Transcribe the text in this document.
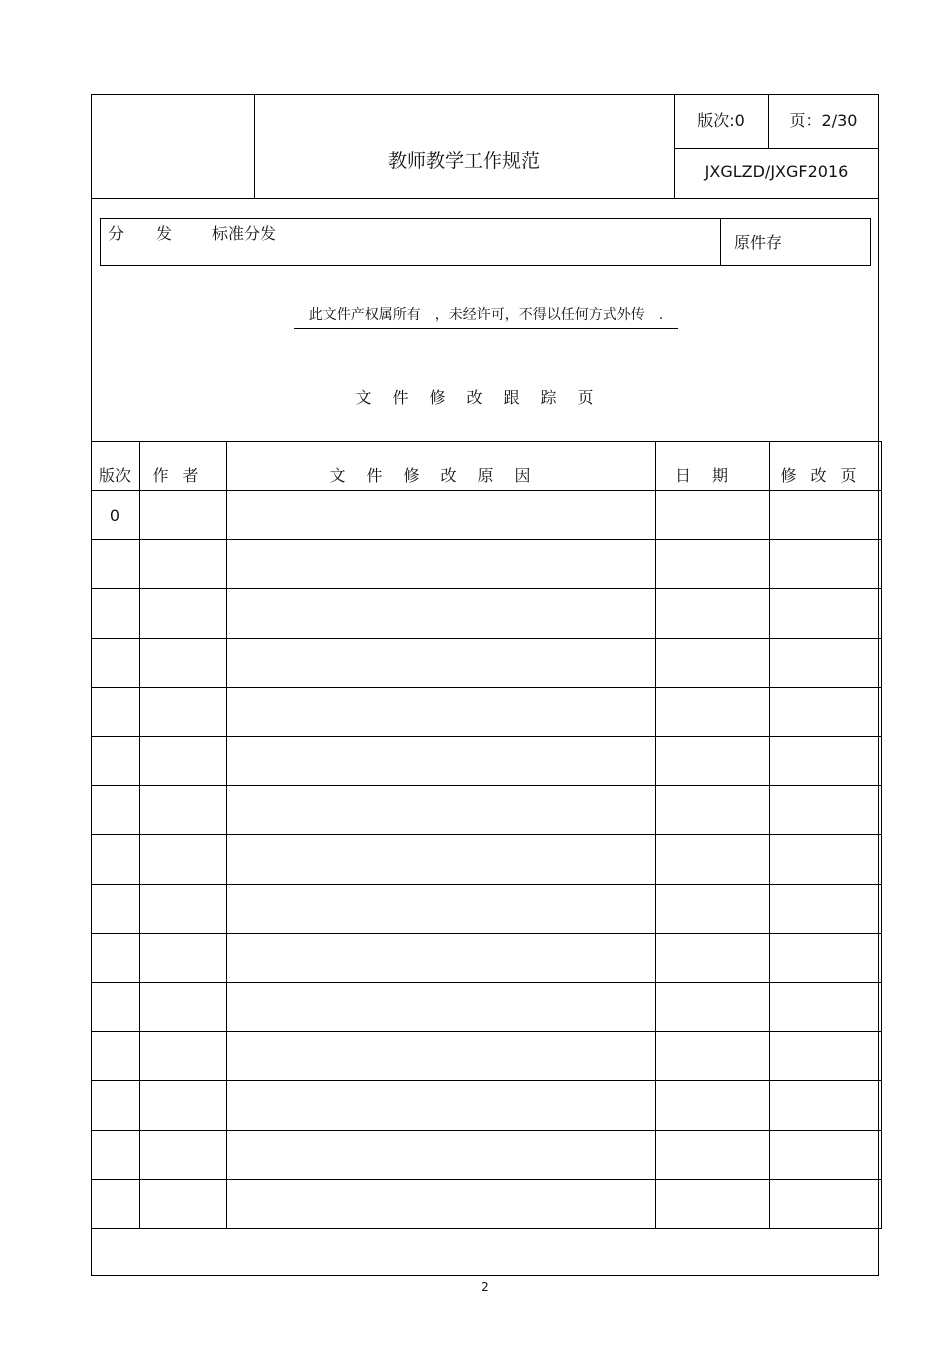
教师教学工作规范
版次:0	页：2/30
JXGLZD/JXGF2016
分　　发 标准分发	原件存
此文件产权属所有　，未经许可，不得以任何方式外传　.
文件修改跟踪页
版次	作者	文件修改原因	日期	修改页
0
2
